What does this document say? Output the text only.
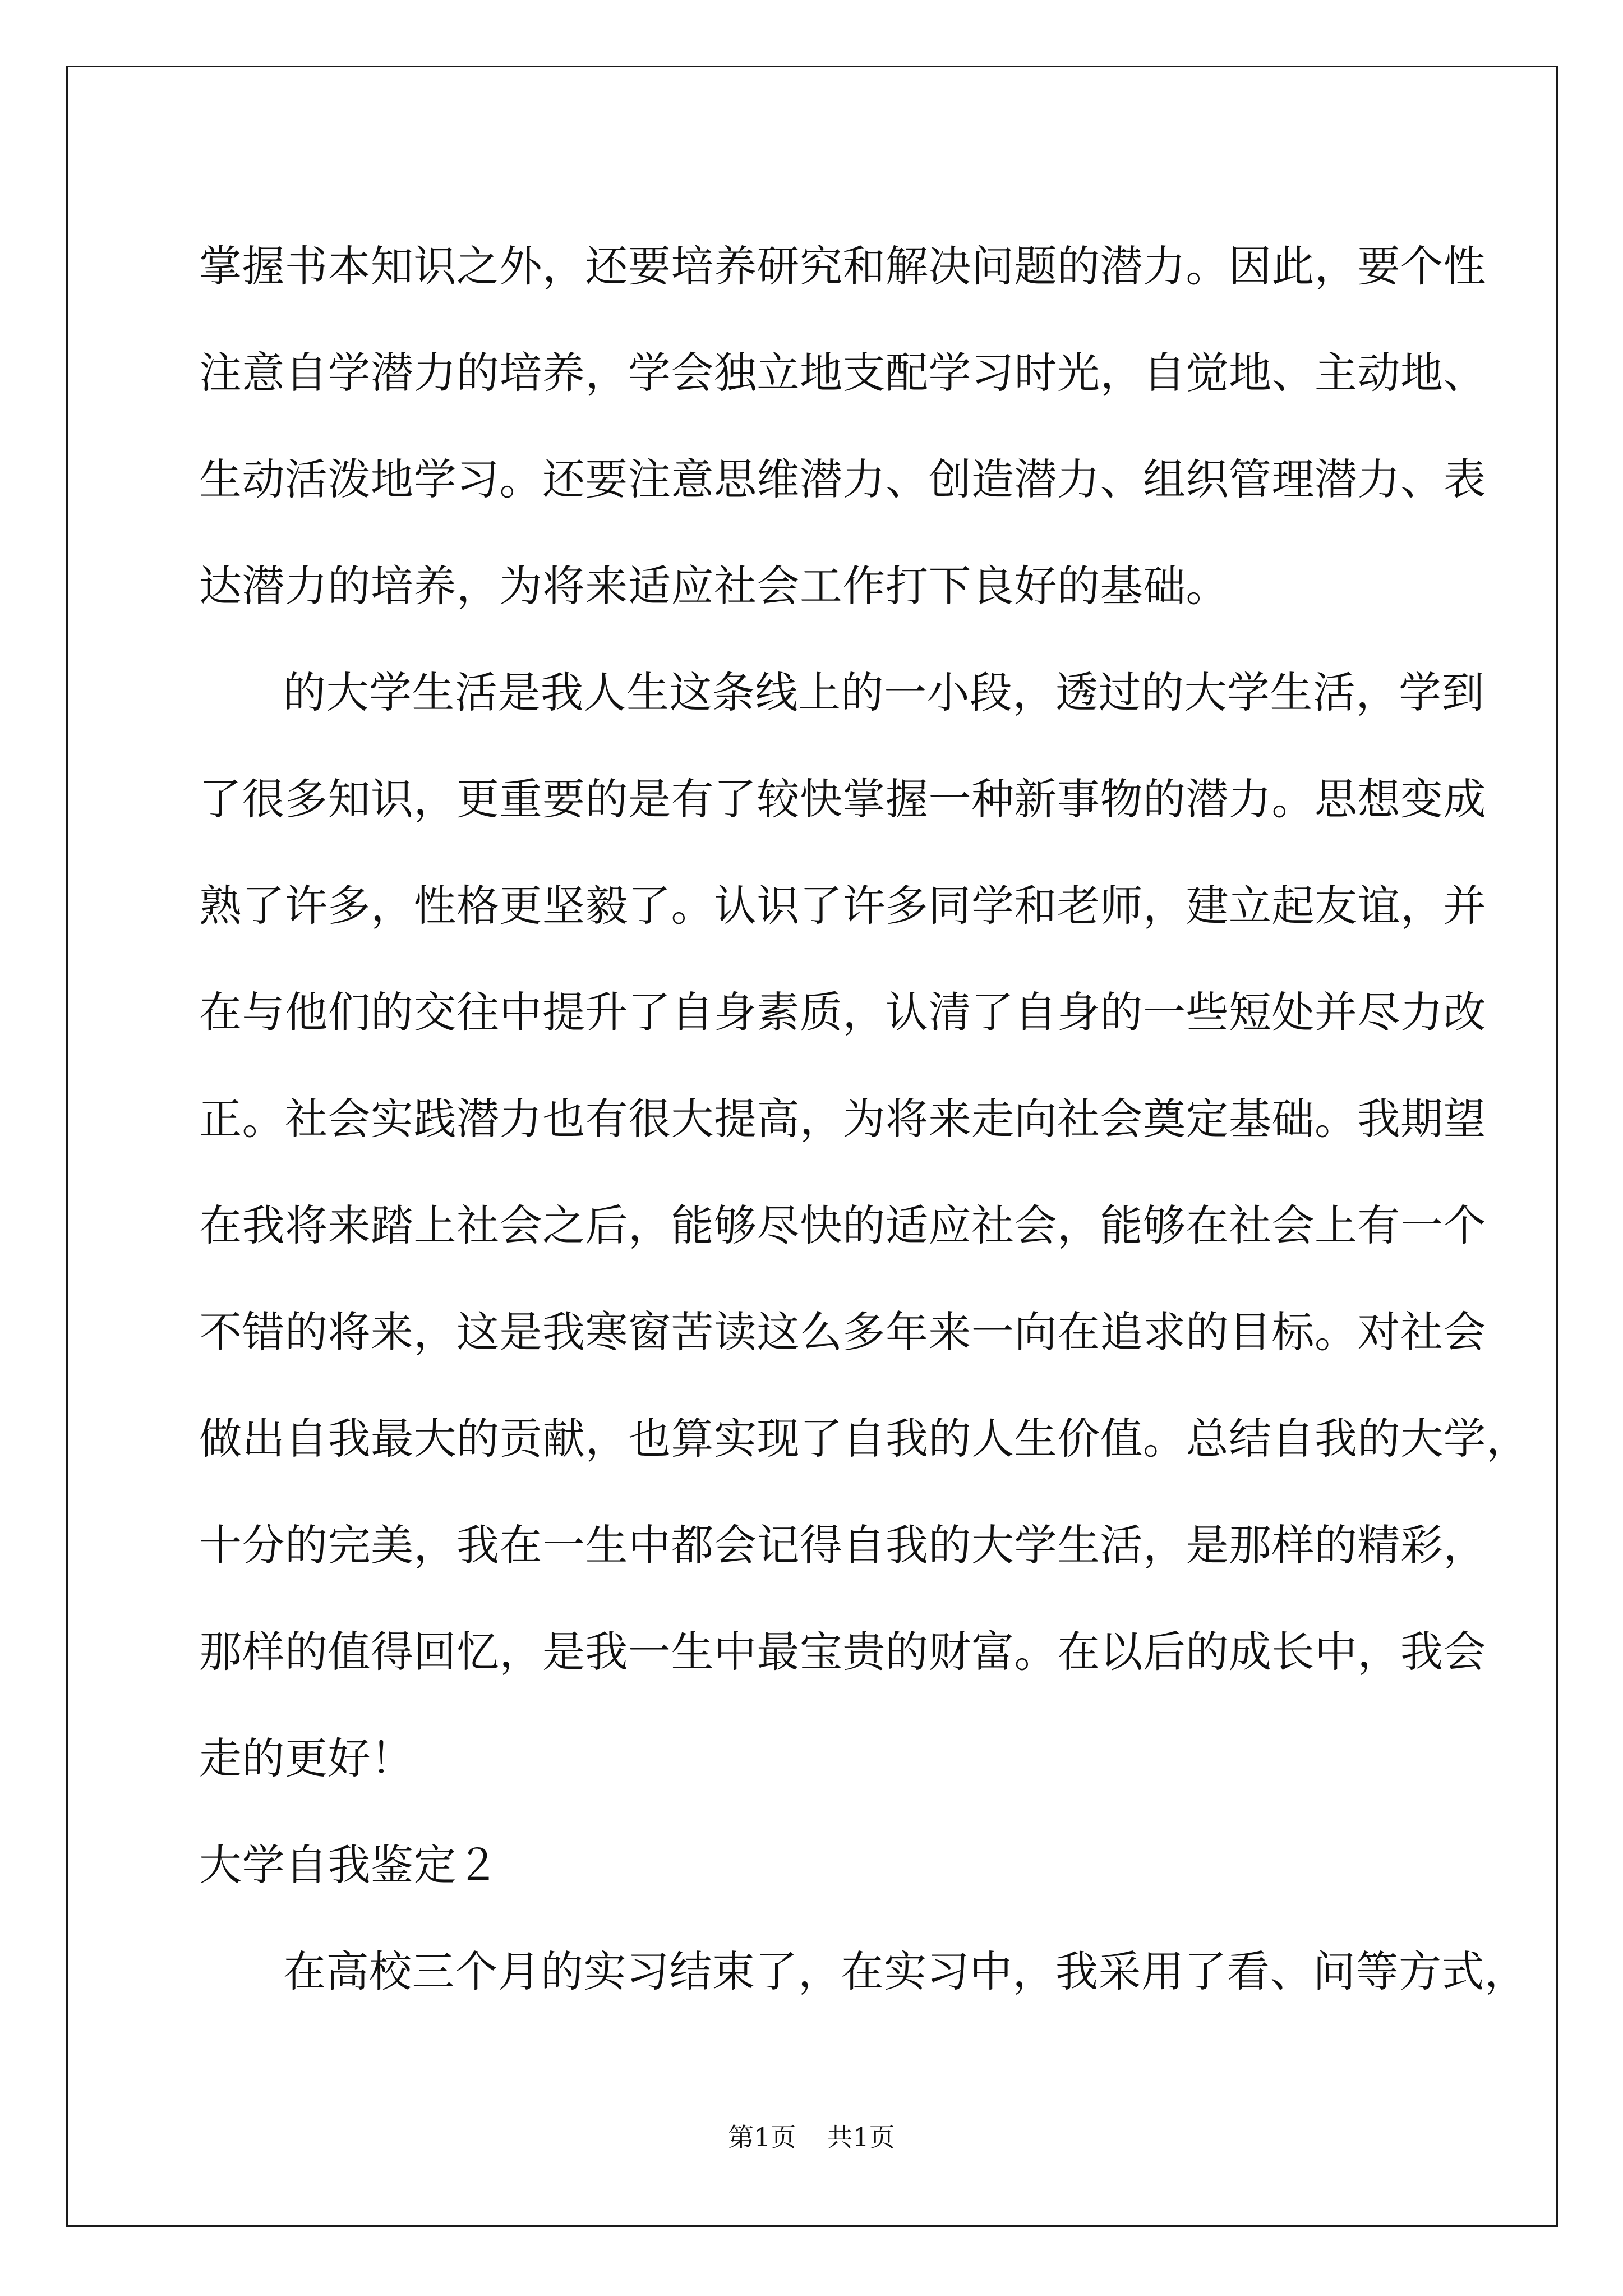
掌握书本知识之外，还要培养研究和解决问题的潜力。因此，要个性
注意自学潜力的培养，学会独立地支配学习时光，自觉地、主动地、
生动活泼地学习。还要注意思维潜力、创造潜力、组织管理潜力、表
达潜力的培养，为将来适应社会工作打下良好的基础。
的大学生活是我人生这条线上的一小段，透过的大学生活，学到
了很多知识，更重要的是有了较快掌握一种新事物的潜力。思想变成
熟了许多，性格更坚毅了。认识了许多同学和老师，建立起友谊，并
在与他们的交往中提升了自身素质，认清了自身的一些短处并尽力改
正。社会实践潜力也有很大提高，为将来走向社会奠定基础。我期望
在我将来踏上社会之后，能够尽快的适应社会，能够在社会上有一个
不错的将来，这是我寒窗苦读这么多年来一向在追求的目标。对社会
做出自我最大的贡献，也算实现了自我的人生价值。总结自我的大学，
十分的完美，我在一生中都会记得自我的大学生活，是那样的精彩，
那样的值得回忆，是我一生中最宝贵的财富。在以后的成长中，我会
走的更好！
大学自我鉴定２
在高校三个月的实习结束了，在实习中，我采用了看、问等方式，
第1页 共1页
